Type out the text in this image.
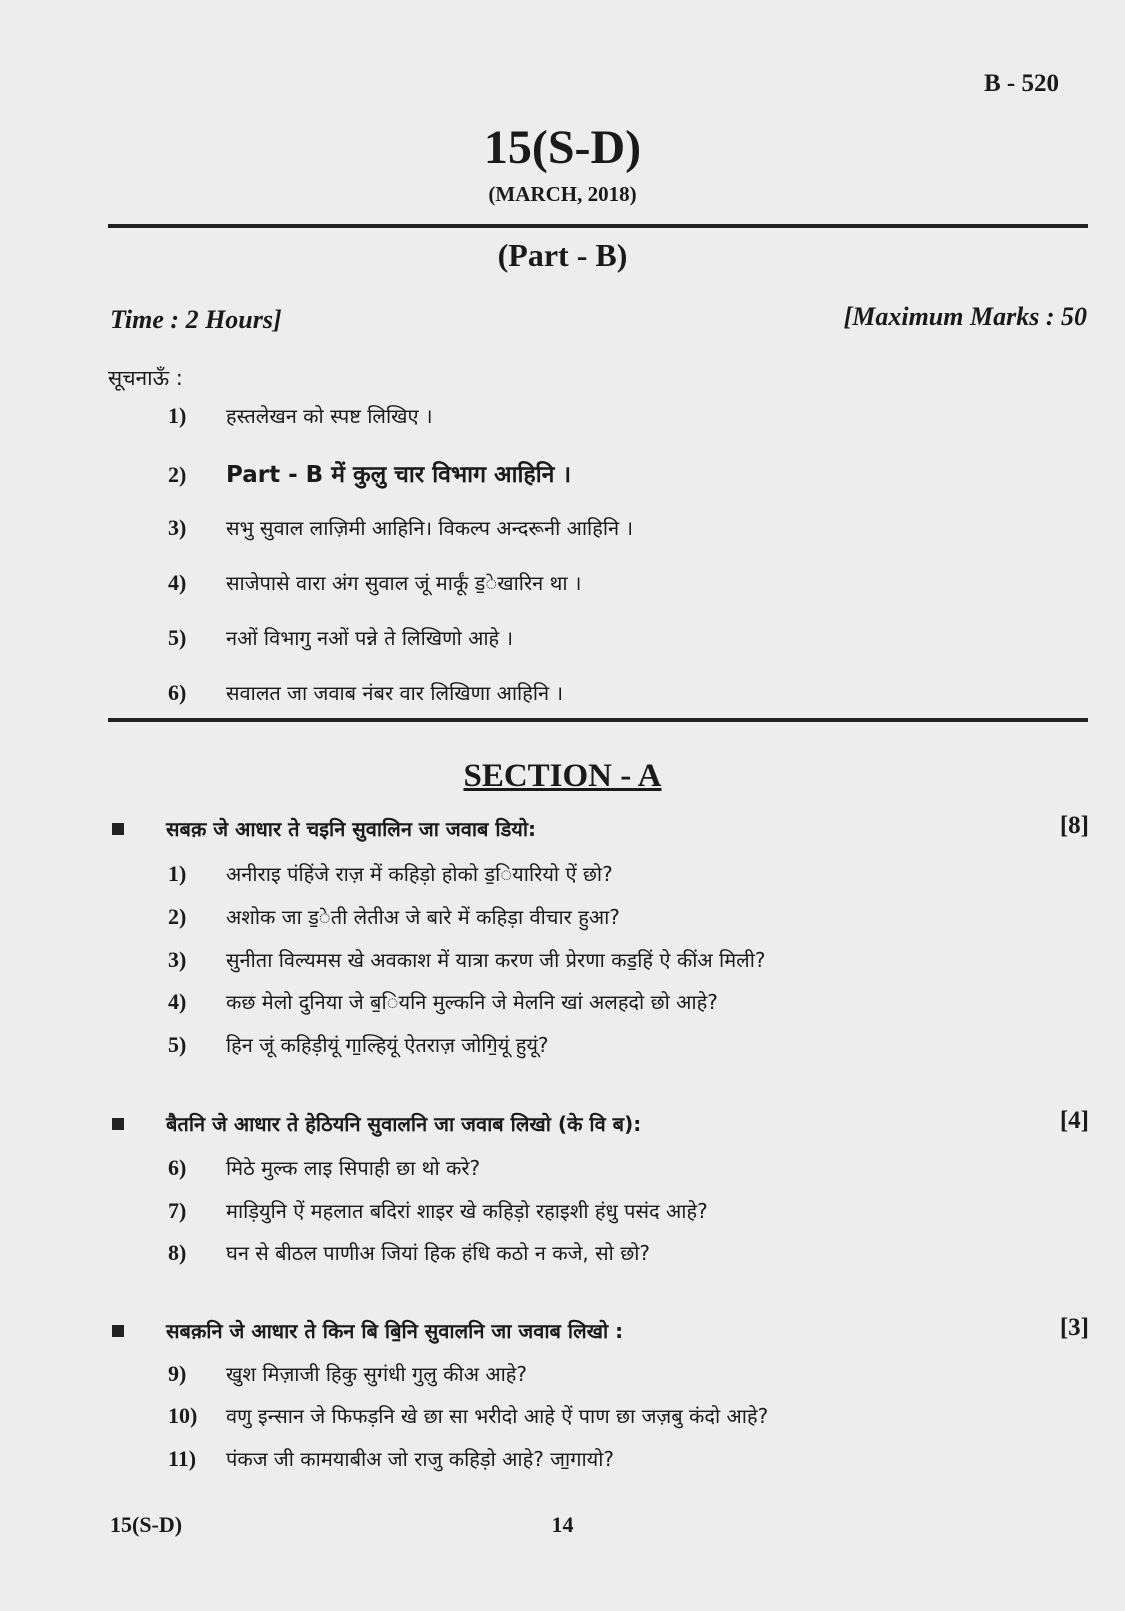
B - 520
15(S-D)
(MARCH, 2018)
(Part - B)
Time : 2 Hours]	[Maximum Marks : 50
सूचनाऊँ :
1) हस्तलेखन को स्पष्ट लिखिए ।
2) Part - B में कुलु चार विभाग आहिनि ।
3) सभु सुवाल लाज़िमी आहिनि। विकल्प अन्दरूनी आहिनि ।
4) साजेपासे वारा अंग सुवाल जूं मार्कूं ड॒ेखारिन था ।
5) नओं विभागु नओं पन्ने ते लिखिणो आहे ।
6) सवालत जा जवाब नंबर वार लिखिणा आहिनि ।
SECTION - A
सबक़ जे आधार ते चइनि सुवालिन जा जवाब डियो:	[8]
1) अनीराइ पंहिंजे राज़ में कहिड़ो होको ड॒ियारियो ऐं छो?
2) अशोक जा ड॒ेती लेतीअ जे बारे में कहिड़ा वीचार हुआ?
3) सुनीता विल्यमस खे अवकाश में यात्रा करण जी प्रेरणा कड॒हिं ऐ कींअ मिली?
4) कछ मेलो दुनिया जे ब॒ियनि मुल्कनि जे मेलनि खां अलहदो छो आहे?
5) हिन जूं कहिड़ीयूं गा॒ल्हियूं ऐतराज़ जोगि॒यूं हुयूं?
बैतनि जे आधार ते हेठियनि सुवालनि जा जवाब लिखो (के वि ब):	[4]
6) मिठे मुल्क लाइ सिपाही छा थो करे?
7) माड़ियुनि ऐं महलात बदिरां शाइर खे कहिड़ो रहाइशी हंधु पसंद आहे?
8) घन से बीठल पाणीअ जियां हिक हंधि कठो न कजे, सो छो?
सबक़नि जे आधार ते किन बि बि॒नि सुवालनि जा जवाब लिखो :	[3]
9) खुश मिज़ाजी हिकु सुगंधी गुलु कीअ आहे?
10) वणु इन्सान जे फिफड़नि खे छा सा भरीदो आहे ऐं पाण छा जज़बु कंदो आहे?
11) पंकज जी कामयाबीअ जो राजु कहिड़ो आहे? जा॒गायो?
15(S-D)	14
